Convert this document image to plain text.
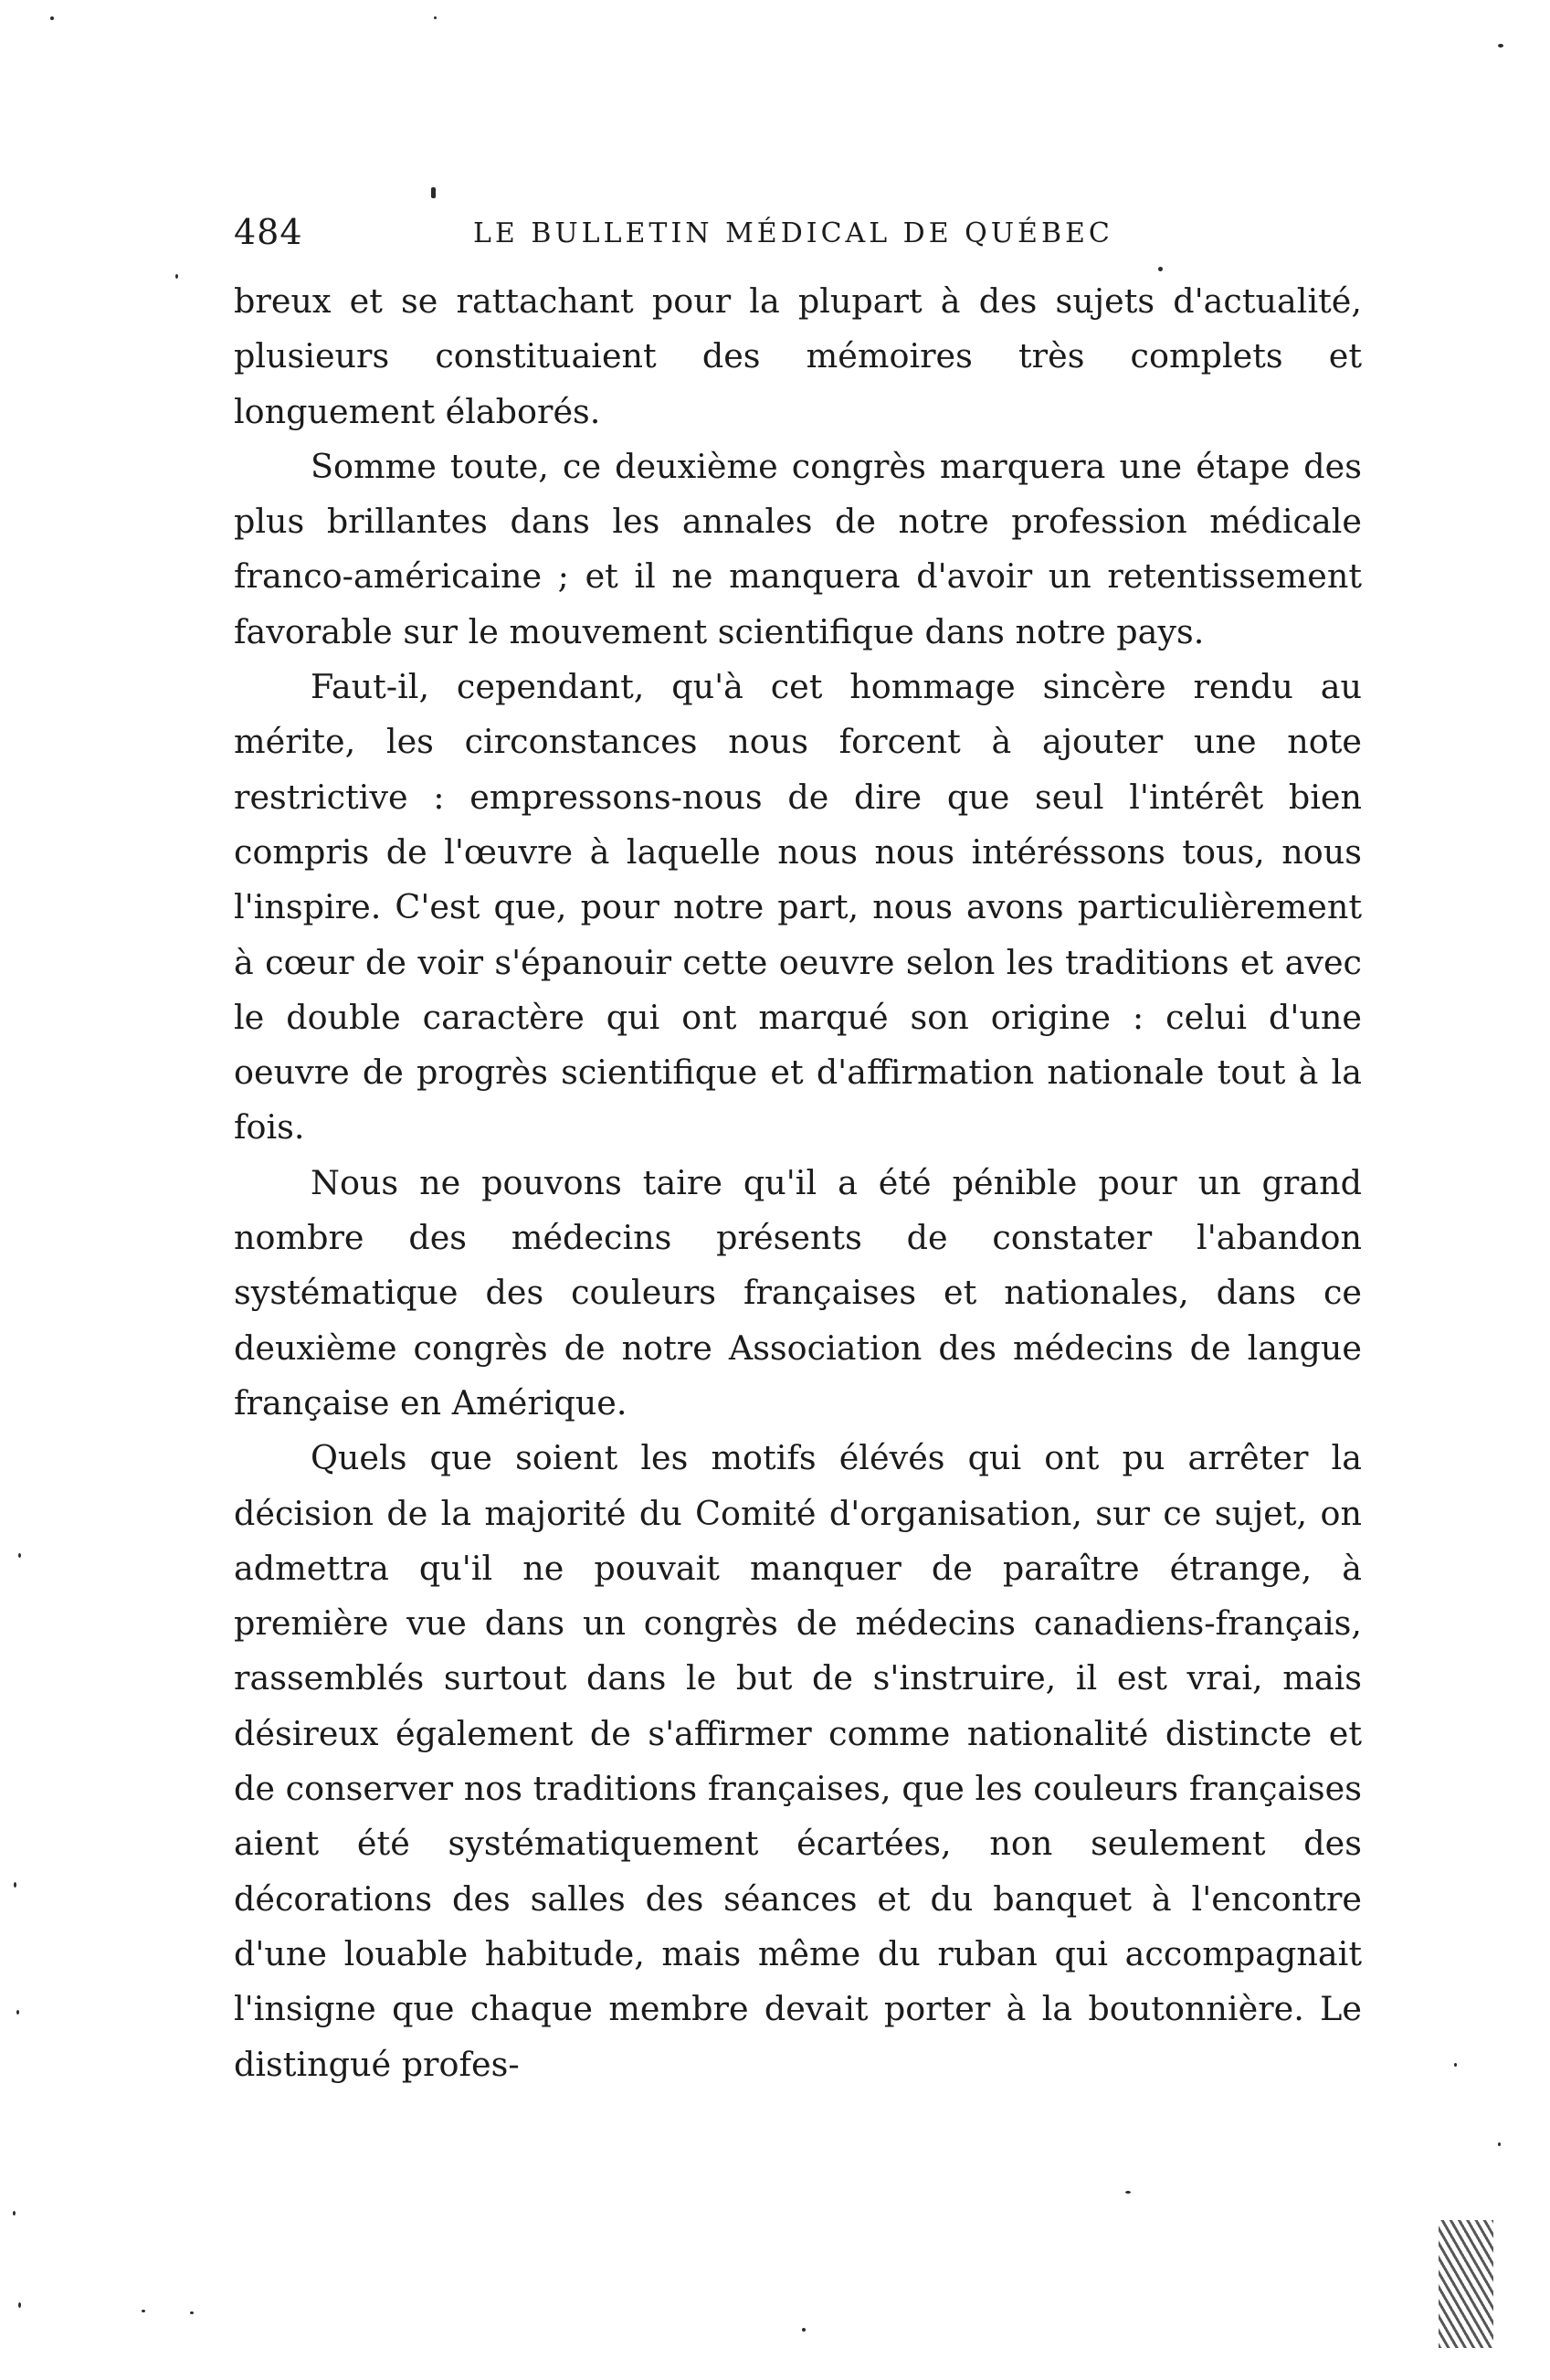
484	LE BULLETIN MÉDICAL DE QUÉBEC

breux et se rattachant pour la plupart à des sujets d'actualité, plusieurs constituaient des mémoires très complets et longuement élaborés.

Somme toute, ce deuxième congrès marquera une étape des plus brillantes dans les annales de notre profession médicale franco-américaine ; et il ne manquera d'avoir un retentissement favorable sur le mouvement scientifique dans notre pays.

Faut-il, cependant, qu'à cet hommage sincère rendu au mérite, les circonstances nous forcent à ajouter une note restrictive : empressons-nous de dire que seul l'intérêt bien compris de l'œuvre à laquelle nous nous intéréssons tous, nous l'inspire. C'est que, pour notre part, nous avons particulièrement à cœur de voir s'épanouir cette oeuvre selon les traditions et avec le double caractère qui ont marqué son origine : celui d'une oeuvre de progrès scientifique et d'affirmation nationale tout à la fois.

Nous ne pouvons taire qu'il a été pénible pour un grand nombre des médecins présents de constater l'abandon systématique des couleurs françaises et nationales, dans ce deuxième congrès de notre Association des médecins de langue française en Amérique.

Quels que soient les motifs élévés qui ont pu arrêter la décision de la majorité du Comité d'organisation, sur ce sujet, on admettra qu'il ne pouvait manquer de paraître étrange, à première vue dans un congrès de médecins canadiens-français, rassemblés surtout dans le but de s'instruire, il est vrai, mais désireux également de s'affirmer comme nationalité distincte et de conserver nos traditions françaises, que les couleurs françaises aient été systématiquement écartées, non seulement des décorations des salles des séances et du banquet à l'encontre d'une louable habitude, mais même du ruban qui accompagnait l'insigne que chaque membre devait porter à la boutonnière. Le distingué profes-
